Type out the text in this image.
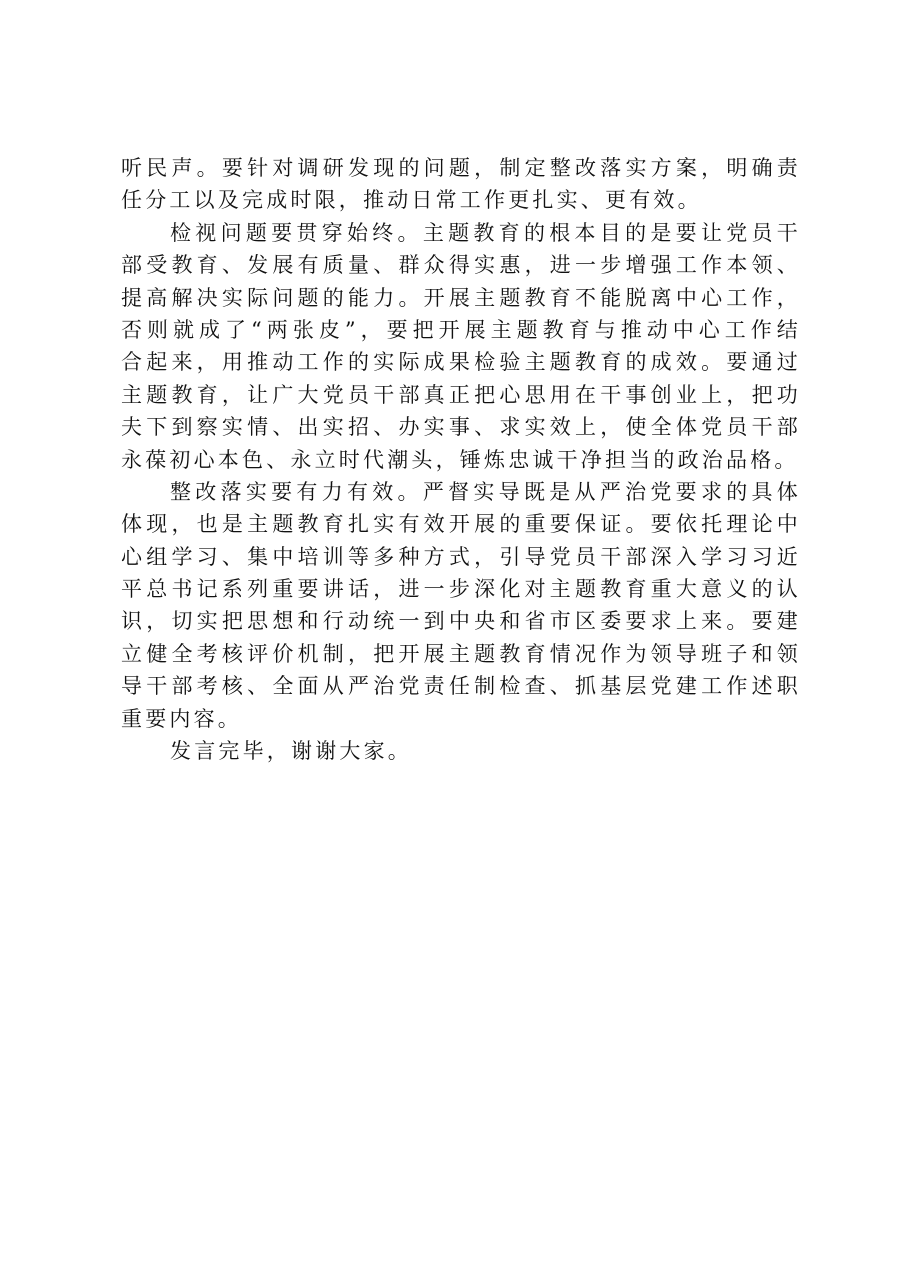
听民声。要针对调研发现的问题，制定整改落实方案，明确责
任分工以及完成时限，推动日常工作更扎实、更有效。
检视问题要贯穿始终。主题教育的根本目的是要让党员干
部受教育、发展有质量、群众得实惠，进一步增强工作本领、
提高解决实际问题的能力。开展主题教育不能脱离中心工作，
否则就成了“两张皮”，要把开展主题教育与推动中心工作结
合起来，用推动工作的实际成果检验主题教育的成效。要通过
主题教育，让广大党员干部真正把心思用在干事创业上，把功
夫下到察实情、出实招、办实事、求实效上，使全体党员干部
永葆初心本色、永立时代潮头，锤炼忠诚干净担当的政治品格。
整改落实要有力有效。严督实导既是从严治党要求的具体
体现，也是主题教育扎实有效开展的重要保证。要依托理论中
心组学习、集中培训等多种方式，引导党员干部深入学习习近
平总书记系列重要讲话，进一步深化对主题教育重大意义的认
识，切实把思想和行动统一到中央和省市区委要求上来。要建
立健全考核评价机制，把开展主题教育情况作为领导班子和领
导干部考核、全面从严治党责任制检查、抓基层党建工作述职
重要内容。
发言完毕，谢谢大家。
